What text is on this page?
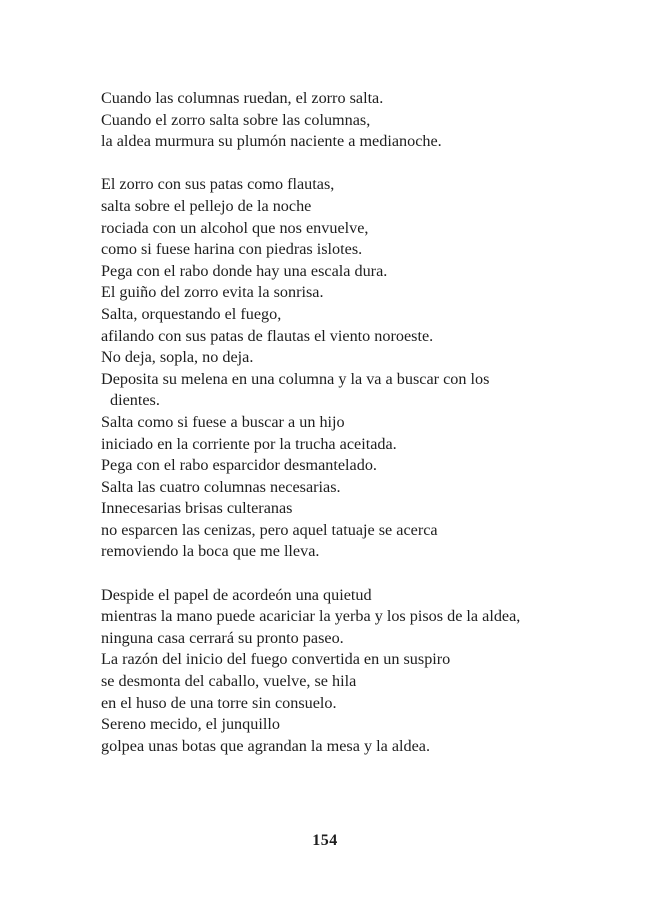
Cuando las columnas ruedan, el zorro salta.
Cuando el zorro salta sobre las columnas,
la aldea murmura su plumón naciente a medianoche.
El zorro con sus patas como flautas,
salta sobre el pellejo de la noche
rociada con un alcohol que nos envuelve,
como si fuese harina con piedras islotes.
Pega con el rabo donde hay una escala dura.
El guiño del zorro evita la sonrisa.
Salta, orquestando el fuego,
afilando con sus patas de flautas el viento noroeste.
No deja, sopla, no deja.
Deposita su melena en una columna y la va a buscar con los
dientes.
Salta como si fuese a buscar a un hijo
iniciado en la corriente por la trucha aceitada.
Pega con el rabo esparcidor desmantelado.
Salta las cuatro columnas necesarias.
Innecesarias brisas culteranas
no esparcen las cenizas, pero aquel tatuaje se acerca
removiendo la boca que me lleva.
Despide el papel de acordeón una quietud
mientras la mano puede acariciar la yerba y los pisos de la aldea,
ninguna casa cerrará su pronto paseo.
La razón del inicio del fuego convertida en un suspiro
se desmonta del caballo, vuelve, se hila
en el huso de una torre sin consuelo.
Sereno mecido, el junquillo
golpea unas botas que agrandan la mesa y la aldea.
154
